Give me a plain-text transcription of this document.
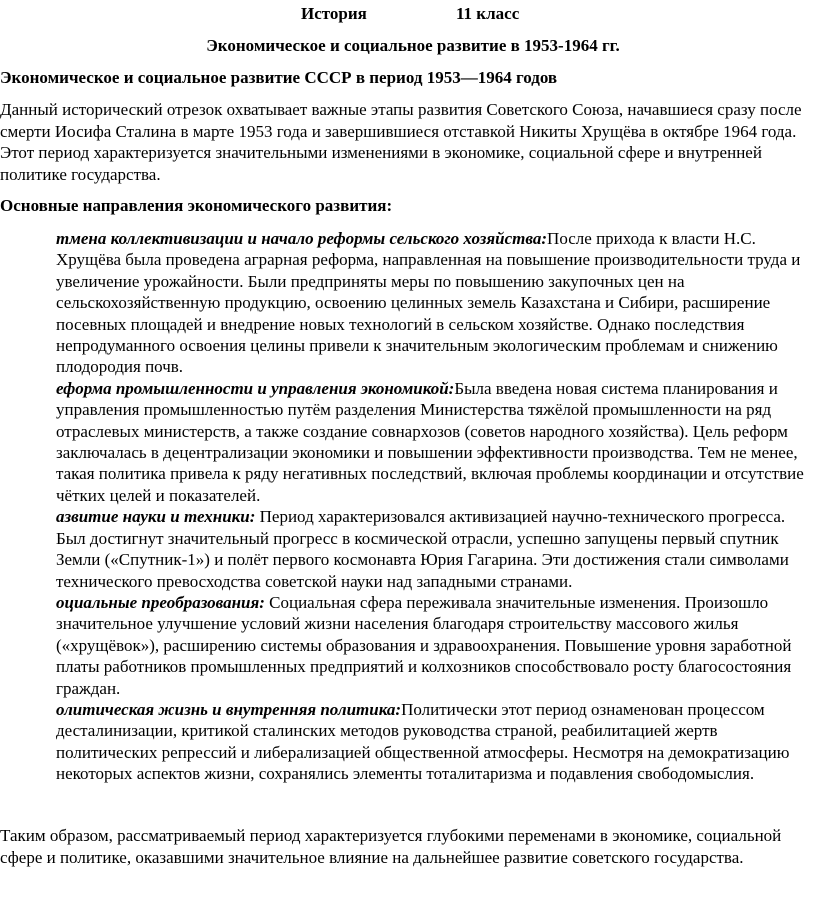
История	11 класс
Экономическое и социальное развитие в 1953-1964 гг.
Экономическое и социальное развитие СССР в период 1953—1964 годов

Данный исторический отрезок охватывает важные этапы развития Советского Союза, начавшиеся сразу после смерти Иосифа Сталина в марте 1953 года и завершившиеся отставкой Никиты Хрущёва в октябре 1964 года. Этот период характеризуется значительными изменениями в экономике, социальной сфере и внутренней политике государства.

Основные направления экономического развития:
тмена коллективизации и начало реформы сельского хозяйства:После прихода к власти Н.С. Хрущёва была проведена аграрная реформа, направленная на повышение производительности труда и увеличение урожайности. Были предприняты меры по повышению закупочных цен на сельскохозяйственную продукцию, освоению целинных земель Казахстана и Сибири, расширение посевных площадей и внедрение новых технологий в сельском хозяйстве. Однако последствия непродуманного освоения целины привели к значительным экологическим проблемам и снижению плодородия почв.
еформа промышленности и управления экономикой:Была введена новая система планирования и управления промышленностью путём разделения Министерства тяжёлой промышленности на ряд отраслевых министерств, а также создание совнархозов (советов народного хозяйства). Цель реформ заключалась в децентрализации экономики и повышении эффективности производства. Тем не менее, такая политика привела к ряду негативных последствий, включая проблемы координации и отсутствие чётких целей и показателей.
азвитие науки и техники: Период характеризовался активизацией научно-технического прогресса. Был достигнут значительный прогресс в космической отрасли, успешно запущены первый спутник Земли («Спутник-1») и полёт первого космонавта Юрия Гагарина. Эти достижения стали символами технического превосходства советской науки над западными странами.
оциальные преобразования: Социальная сфера переживала значительные изменения. Произошло значительное улучшение условий жизни населения благодаря строительству массового жилья («хрущёвок»), расширению системы образования и здравоохранения. Повышение уровня заработной платы работников промышленных предприятий и колхозников способствовало росту благосостояния граждан.
олитическая жизнь и внутренняя политика:Политически этот период ознаменован процессом десталинизации, критикой сталинских методов руководства страной, реабилитацией жертв политических репрессий и либерализацией общественной атмосферы. Несмотря на демократизацию некоторых аспектов жизни, сохранялись элементы тоталитаризма и подавления свободомыслия.

Таким образом, рассматриваемый период характеризуется глубокими переменами в экономике, социальной сфере и политике, оказавшими значительное влияние на дальнейшее развитие советского государства.
